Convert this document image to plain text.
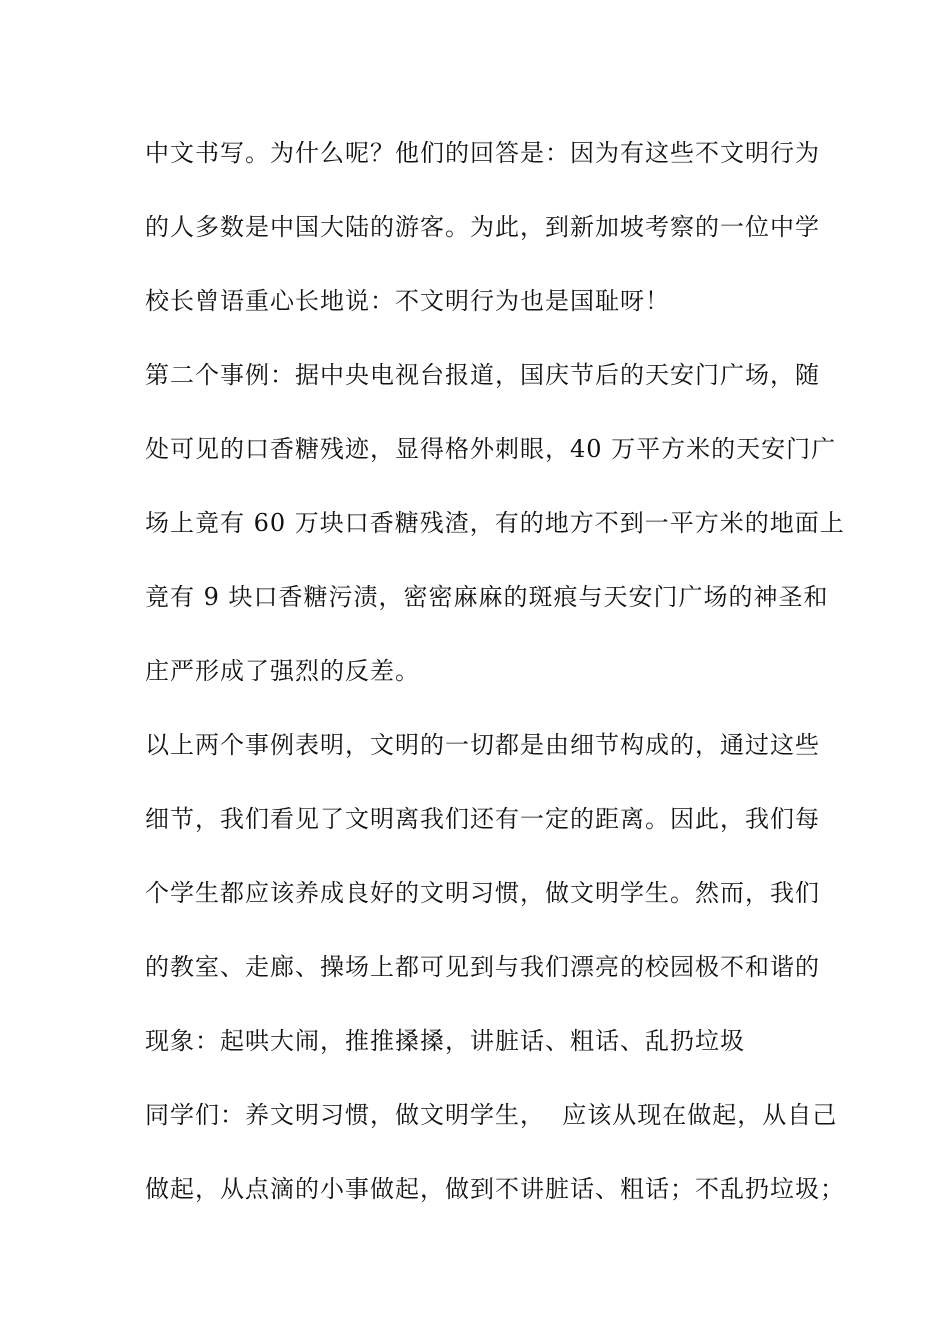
中文书写。为什么呢？他们的回答是：因为有这些不文明行为
的人多数是中国大陆的游客。为此，到新加坡考察的一位中学
校长曾语重心长地说：不文明行为也是国耻呀！
第二个事例：据中央电视台报道，国庆节后的天安门广场，随
处可见的口香糖残迹，显得格外刺眼，40 万平方米的天安门广
场上竟有 60 万块口香糖残渣，有的地方不到一平方米的地面上
竟有 9 块口香糖污渍，密密麻麻的斑痕与天安门广场的神圣和
庄严形成了强烈的反差。
以上两个事例表明，文明的一切都是由细节构成的，通过这些
细节，我们看见了文明离我们还有一定的距离。因此，我们每
个学生都应该养成良好的文明习惯，做文明学生。然而，我们
的教室、走廊、操场上都可见到与我们漂亮的校园极不和谐的
现象：起哄大闹，推推搡搡，讲脏话、粗话、乱扔垃圾
同学们：养文明习惯，做文明学生，  应该从现在做起，从自己
做起，从点滴的小事做起，做到不讲脏话、粗话；不乱扔垃圾；
